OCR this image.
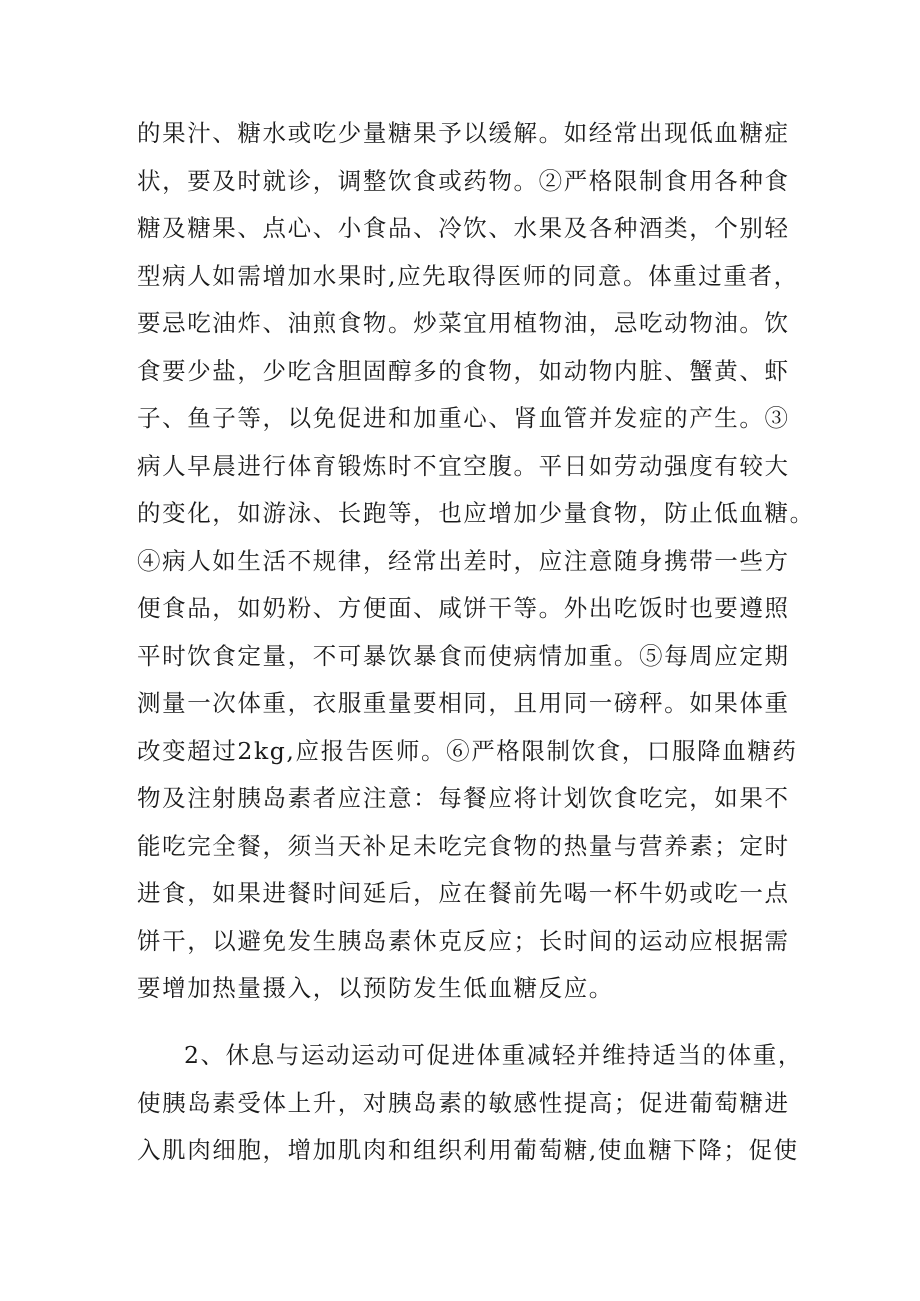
的果汁、糖水或吃少量糖果予以缓解。如经常出现低血糖症
状，要及时就诊，调整饮食或药物。②严格限制食用各种食
糖及糖果、点心、小食品、冷饮、水果及各种酒类，个别轻
型病人如需增加水果时,应先取得医师的同意。体重过重者，
要忌吃油炸、油煎食物。炒菜宜用植物油，忌吃动物油。饮
食要少盐，少吃含胆固醇多的食物，如动物内脏、蟹黄、虾
子、鱼子等，以免促进和加重心、肾血管并发症的产生。③
病人早晨进行体育锻炼时不宜空腹。平日如劳动强度有较大
的变化，如游泳、长跑等，也应增加少量食物，防止低血糖。
④病人如生活不规律，经常出差时，应注意随身携带一些方
便食品，如奶粉、方便面、咸饼干等。外出吃饭时也要遵照
平时饮食定量，不可暴饮暴食而使病情加重。⑤每周应定期
测量一次体重，衣服重量要相同，且用同一磅秤。如果体重
改变超过2kg,应报告医师。⑥严格限制饮食，口服降血糖药
物及注射胰岛素者应注意：每餐应将计划饮食吃完，如果不
能吃完全餐，须当天补足未吃完食物的热量与营养素；定时
进食，如果进餐时间延后，应在餐前先喝一杯牛奶或吃一点
饼干，以避免发生胰岛素休克反应；长时间的运动应根据需
要增加热量摄入，以预防发生低血糖反应。
2、休息与运动运动可促进体重减轻并维持适当的体重，
使胰岛素受体上升，对胰岛素的敏感性提高；促进葡萄糖进
入肌肉细胞，增加肌肉和组织利用葡萄糖,使血糖下降；促使
